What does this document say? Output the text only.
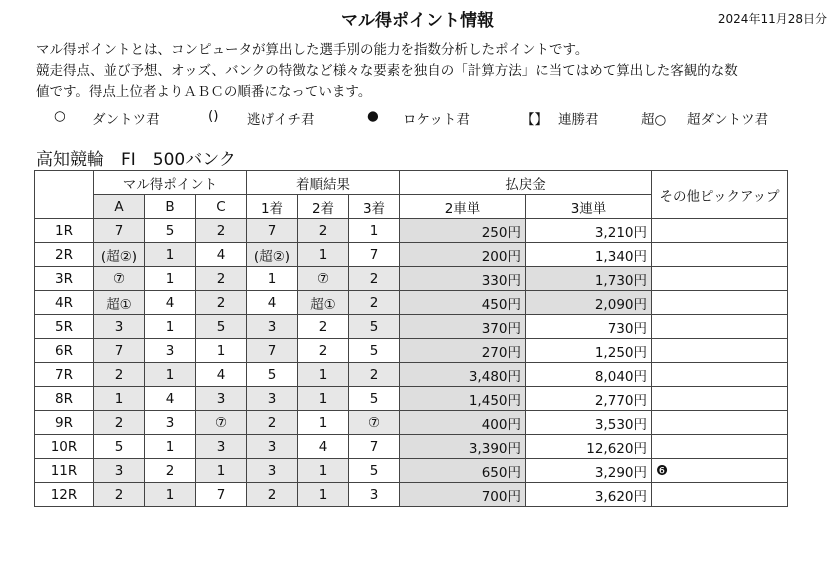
マル得ポイント情報	2024年11月28日分
マル得ポイントとは、コンピュータが算出した選手別の能力を指数分析したポイントです。
競走得点、並び予想、オッズ、バンクの特徴など様々な要素を独自の「計算方法」に当てはめて算出した客観的な数
値です。得点上位者よりＡＢＣの順番になっています。
○ ダントツ君	() 逃げイチ君	● ロケット君	【】 連勝君	超○ 超ダントツ君
高知競輪　FI　500バンク
	マル得ポイント			着順結果			払戻金		その他ピックアップ
	A	B	C	1着	2着	3着	2車単	3連単	
1R	7	5	2	7	2	1	250円	3,210円	
2R	(超②)	1	4	(超②)	1	7	200円	1,340円	
3R	⑦	1	2	1	⑦	2	330円	1,730円	
4R	超①	4	2	4	超①	2	450円	2,090円	
5R	3	1	5	3	2	5	370円	730円	
6R	7	3	1	7	2	5	270円	1,250円	
7R	2	1	4	5	1	2	3,480円	8,040円	
8R	1	4	3	3	1	5	1,450円	2,770円	
9R	2	3	⑦	2	1	⑦	400円	3,530円	
10R	5	1	3	3	4	7	3,390円	12,620円	
11R	3	2	1	3	1	5	650円	3,290円	❻
12R	2	1	7	2	1	3	700円	3,620円	
